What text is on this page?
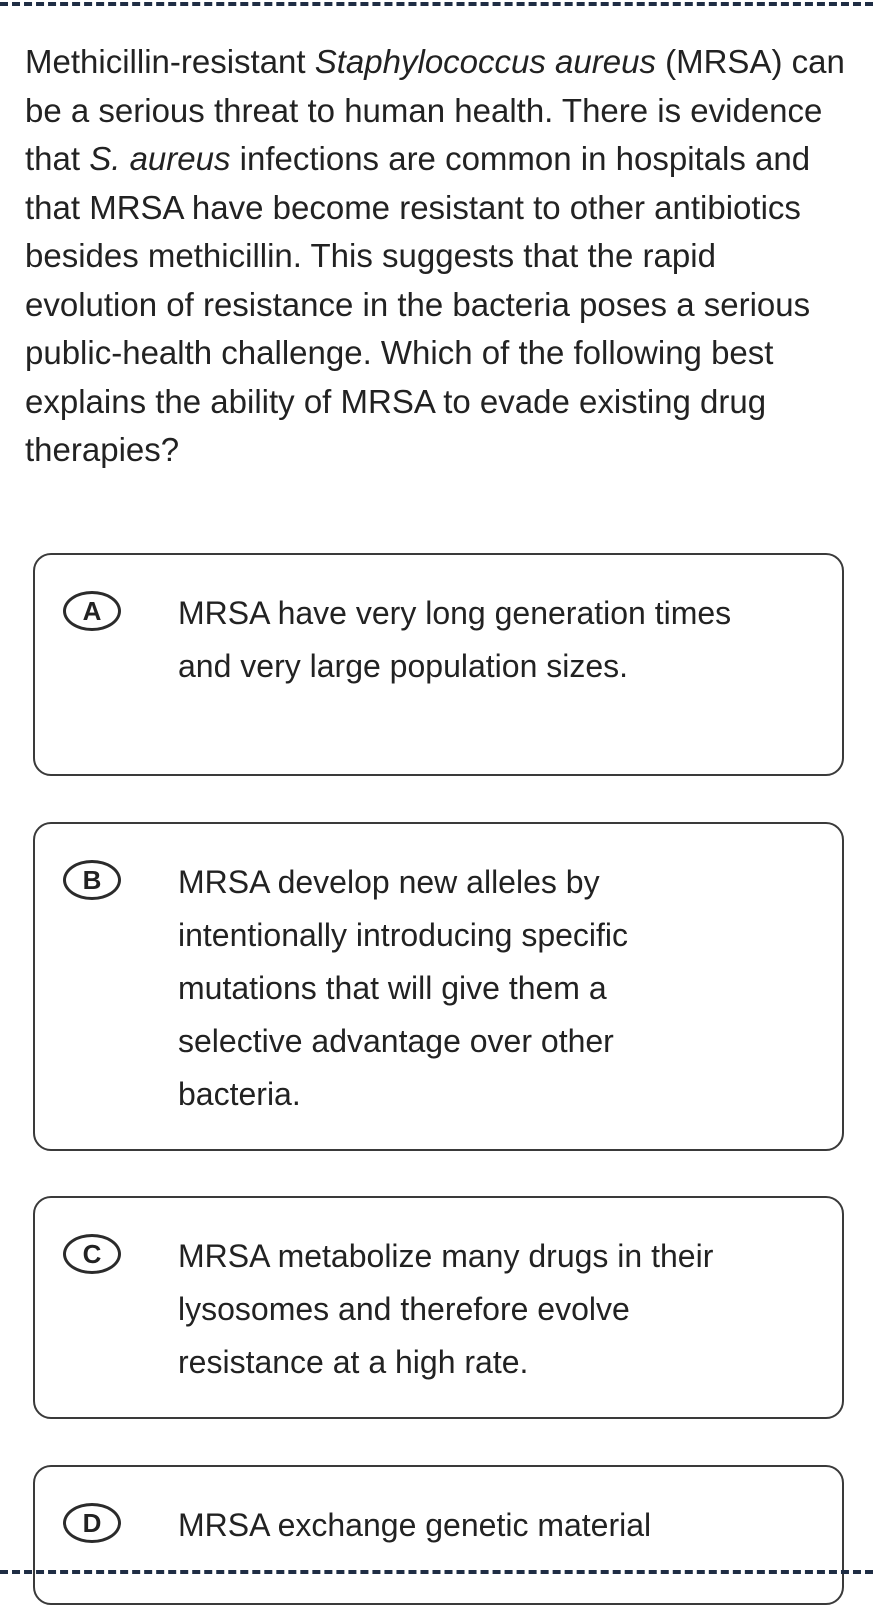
Methicillin-resistant Staphylococcus aureus (MRSA) can be a serious threat to human health. There is evidence that S. aureus infections are common in hospitals and that MRSA have become resistant to other antibiotics besides methicillin. This suggests that the rapid evolution of resistance in the bacteria poses a serious public-health challenge. Which of the following best explains the ability of MRSA to evade existing drug therapies?

A	MRSA have very long generation times and very large population sizes.

B	MRSA develop new alleles by intentionally introducing specific mutations that will give them a selective advantage over other bacteria.

C	MRSA metabolize many drugs in their lysosomes and therefore evolve resistance at a high rate.

D	MRSA exchange genetic material
